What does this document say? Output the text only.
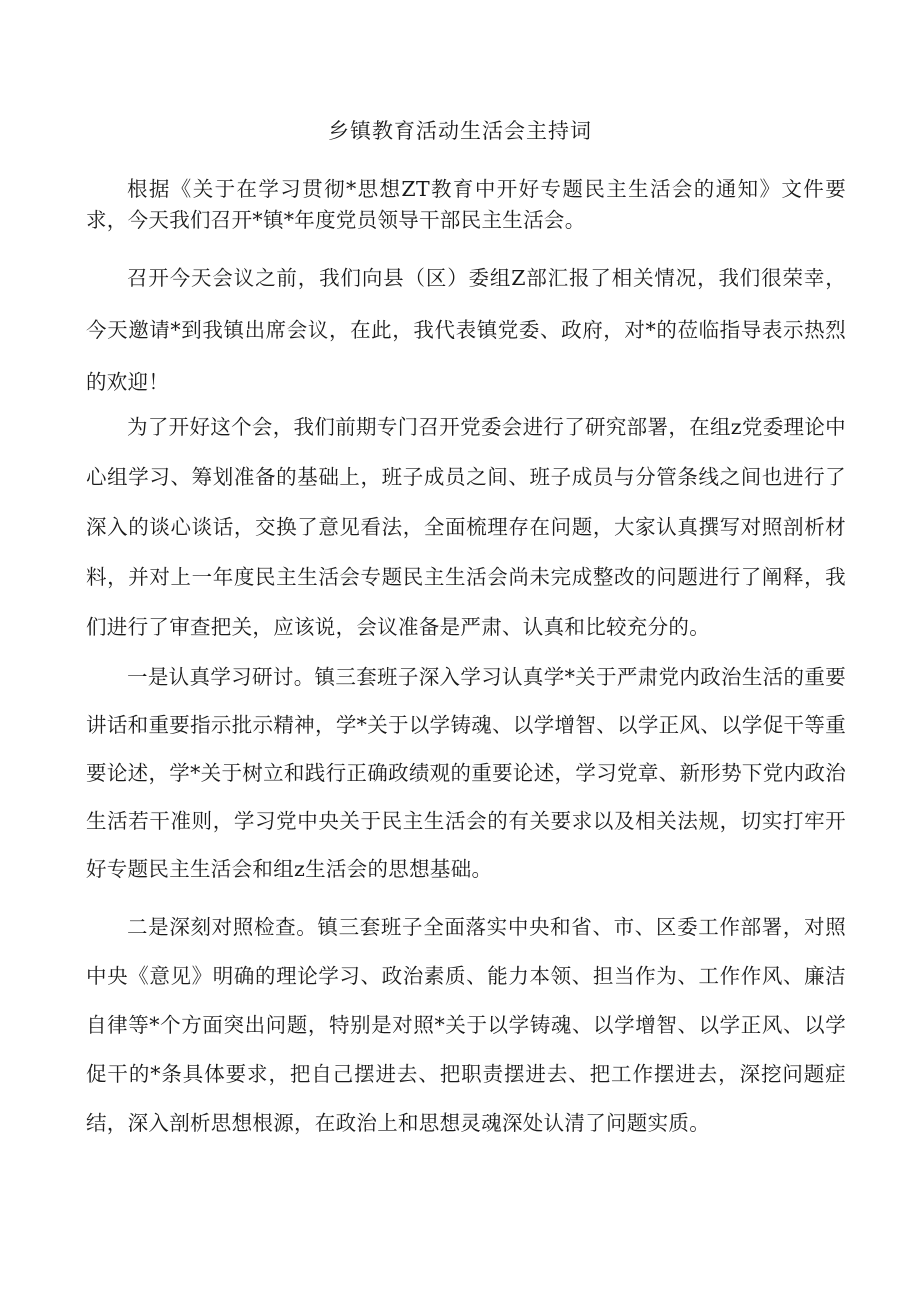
乡镇教育活动生活会主持词

根据《关于在学习贯彻*思想ZT教育中开好专题民主生活会的通知》文件要求，今天我们召开*镇*年度党员领导干部民主生活会。

召开今天会议之前，我们向县（区）委组Z部汇报了相关情况，我们很荣幸，今天邀请*到我镇出席会议，在此，我代表镇党委、政府，对*的莅临指导表示热烈的欢迎！

为了开好这个会，我们前期专门召开党委会进行了研究部署，在组z党委理论中心组学习、筹划准备的基础上，班子成员之间、班子成员与分管条线之间也进行了深入的谈心谈话，交换了意见看法，全面梳理存在问题，大家认真撰写对照剖析材料，并对上一年度民主生活会专题民主生活会尚未完成整改的问题进行了阐释，我们进行了审查把关，应该说，会议准备是严肃、认真和比较充分的。

一是认真学习研讨。镇三套班子深入学习认真学*关于严肃党内政治生活的重要讲话和重要指示批示精神，学*关于以学铸魂、以学增智、以学正风、以学促干等重要论述，学*关于树立和践行正确政绩观的重要论述，学习党章、新形势下党内政治生活若干准则，学习党中央关于民主生活会的有关要求以及相关法规，切实打牢开好专题民主生活会和组z生活会的思想基础。

二是深刻对照检查。镇三套班子全面落实中央和省、市、区委工作部署，对照中央《意见》明确的理论学习、政治素质、能力本领、担当作为、工作作风、廉洁自律等*个方面突出问题，特别是对照*关于以学铸魂、以学增智、以学正风、以学促干的*条具体要求，把自己摆进去、把职责摆进去、把工作摆进去，深挖问题症结，深入剖析思想根源，在政治上和思想灵魂深处认清了问题实质。
